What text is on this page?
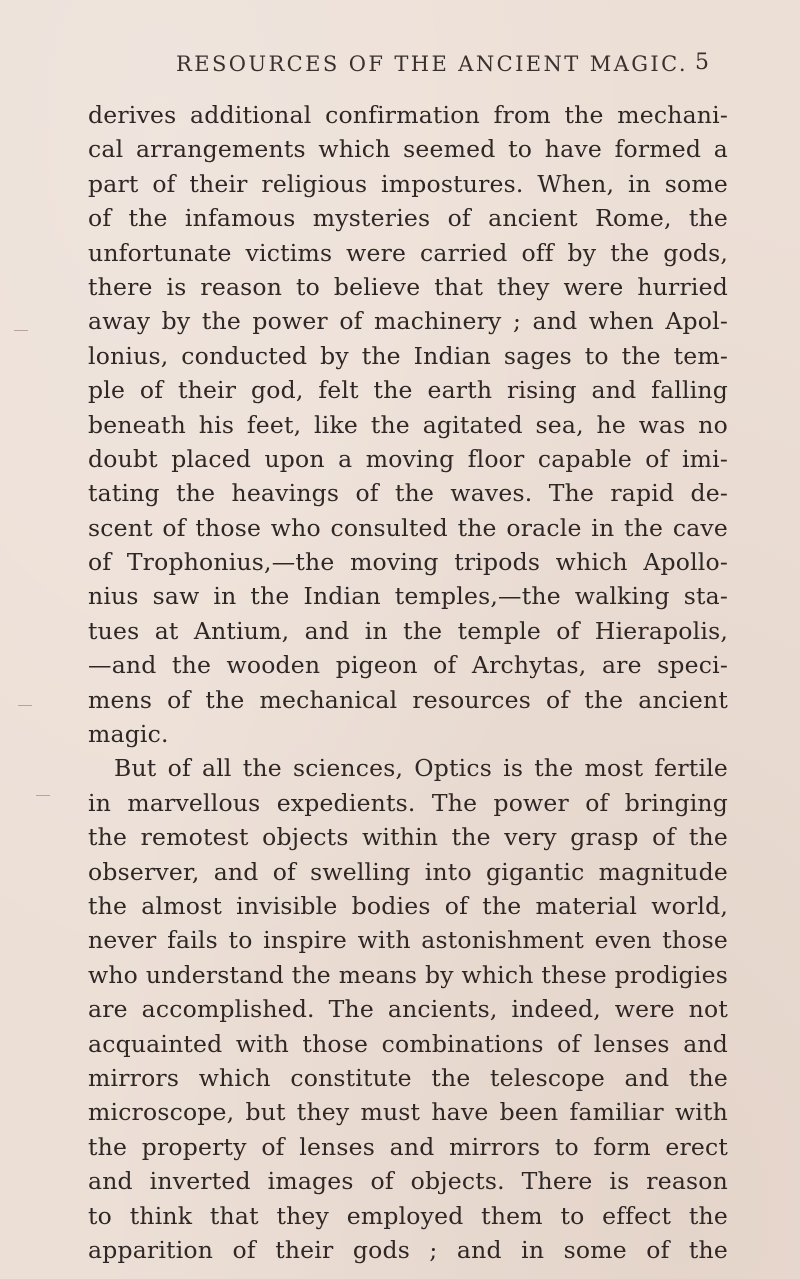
RESOURCES OF THE ANCIENT MAGIC. 5
derives additional confirmation from the mechani-
cal arrangements which seemed to have formed a
part of their religious impostures. When, in some
of the infamous mysteries of ancient Rome, the
unfortunate victims were carried off by the gods,
there is reason to believe that they were hurried
away by the power of machinery ; and when Apol-
lonius, conducted by the Indian sages to the tem-
ple of their god, felt the earth rising and falling
beneath his feet, like the agitated sea, he was no
doubt placed upon a moving floor capable of imi-
tating the heavings of the waves. The rapid de-
scent of those who consulted the oracle in the cave
of Trophonius,—the moving tripods which Apollo-
nius saw in the Indian temples,—the walking sta-
tues at Antium, and in the temple of Hierapolis,
—and the wooden pigeon of Archytas, are speci-
mens of the mechanical resources of the ancient
magic.
But of all the sciences, Optics is the most fertile
in marvellous expedients. The power of bringing
the remotest objects within the very grasp of the
observer, and of swelling into gigantic magnitude
the almost invisible bodies of the material world,
never fails to inspire with astonishment even those
who understand the means by which these prodigies
are accomplished. The ancients, indeed, were not
acquainted with those combinations of lenses and
mirrors which constitute the telescope and the
microscope, but they must have been familiar with
the property of lenses and mirrors to form erect
and inverted images of objects. There is reason
to think that they employed them to effect the
apparition of their gods ; and in some of the
